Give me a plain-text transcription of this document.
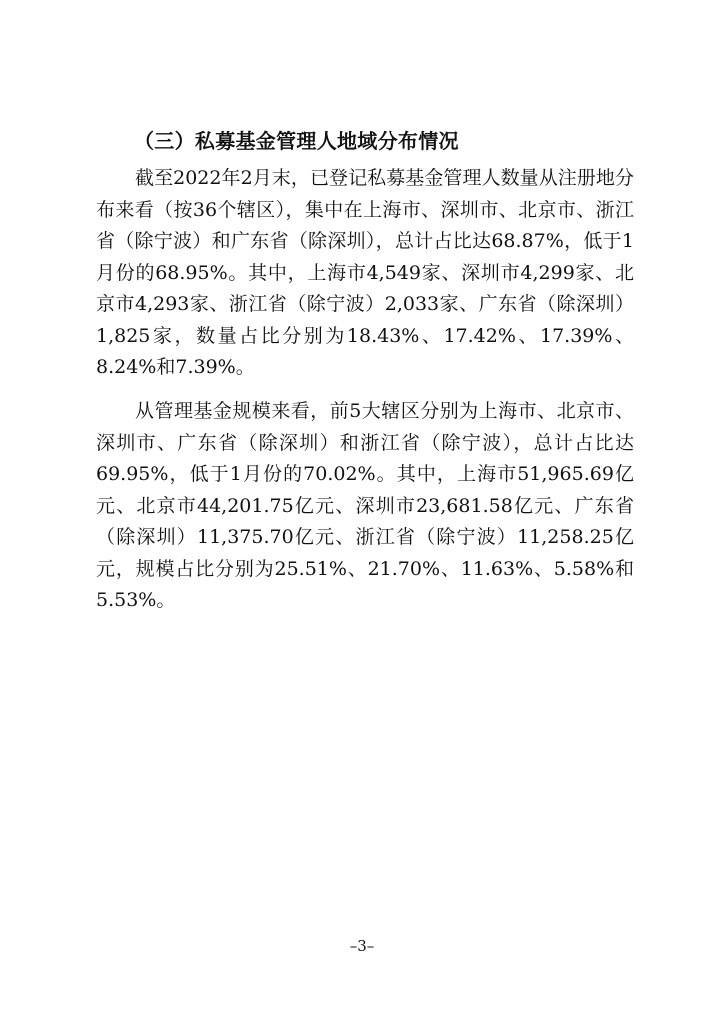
（三）私募基金管理人地域分布情况

截至2022年2月末，已登记私募基金管理人数量从注册地分布来看（按36个辖区），集中在上海市、深圳市、北京市、浙江省（除宁波）和广东省（除深圳），总计占比达68.87%，低于1月份的68.95%。其中，上海市4,549家、深圳市4,299家、北京市4,293家、浙江省（除宁波）2,033家、广东省（除深圳）1,825家，数量占比分别为18.43%、17.42%、17.39%、8.24%和7.39%。

从管理基金规模来看，前5大辖区分别为上海市、北京市、深圳市、广东省（除深圳）和浙江省（除宁波），总计占比达69.95%，低于1月份的70.02%。其中，上海市51,965.69亿元、北京市44,201.75亿元、深圳市23,681.58亿元、广东省（除深圳）11,375.70亿元、浙江省（除宁波）11,258.25亿元，规模占比分别为25.51%、21.70%、11.63%、5.58%和5.53%。

–3–
